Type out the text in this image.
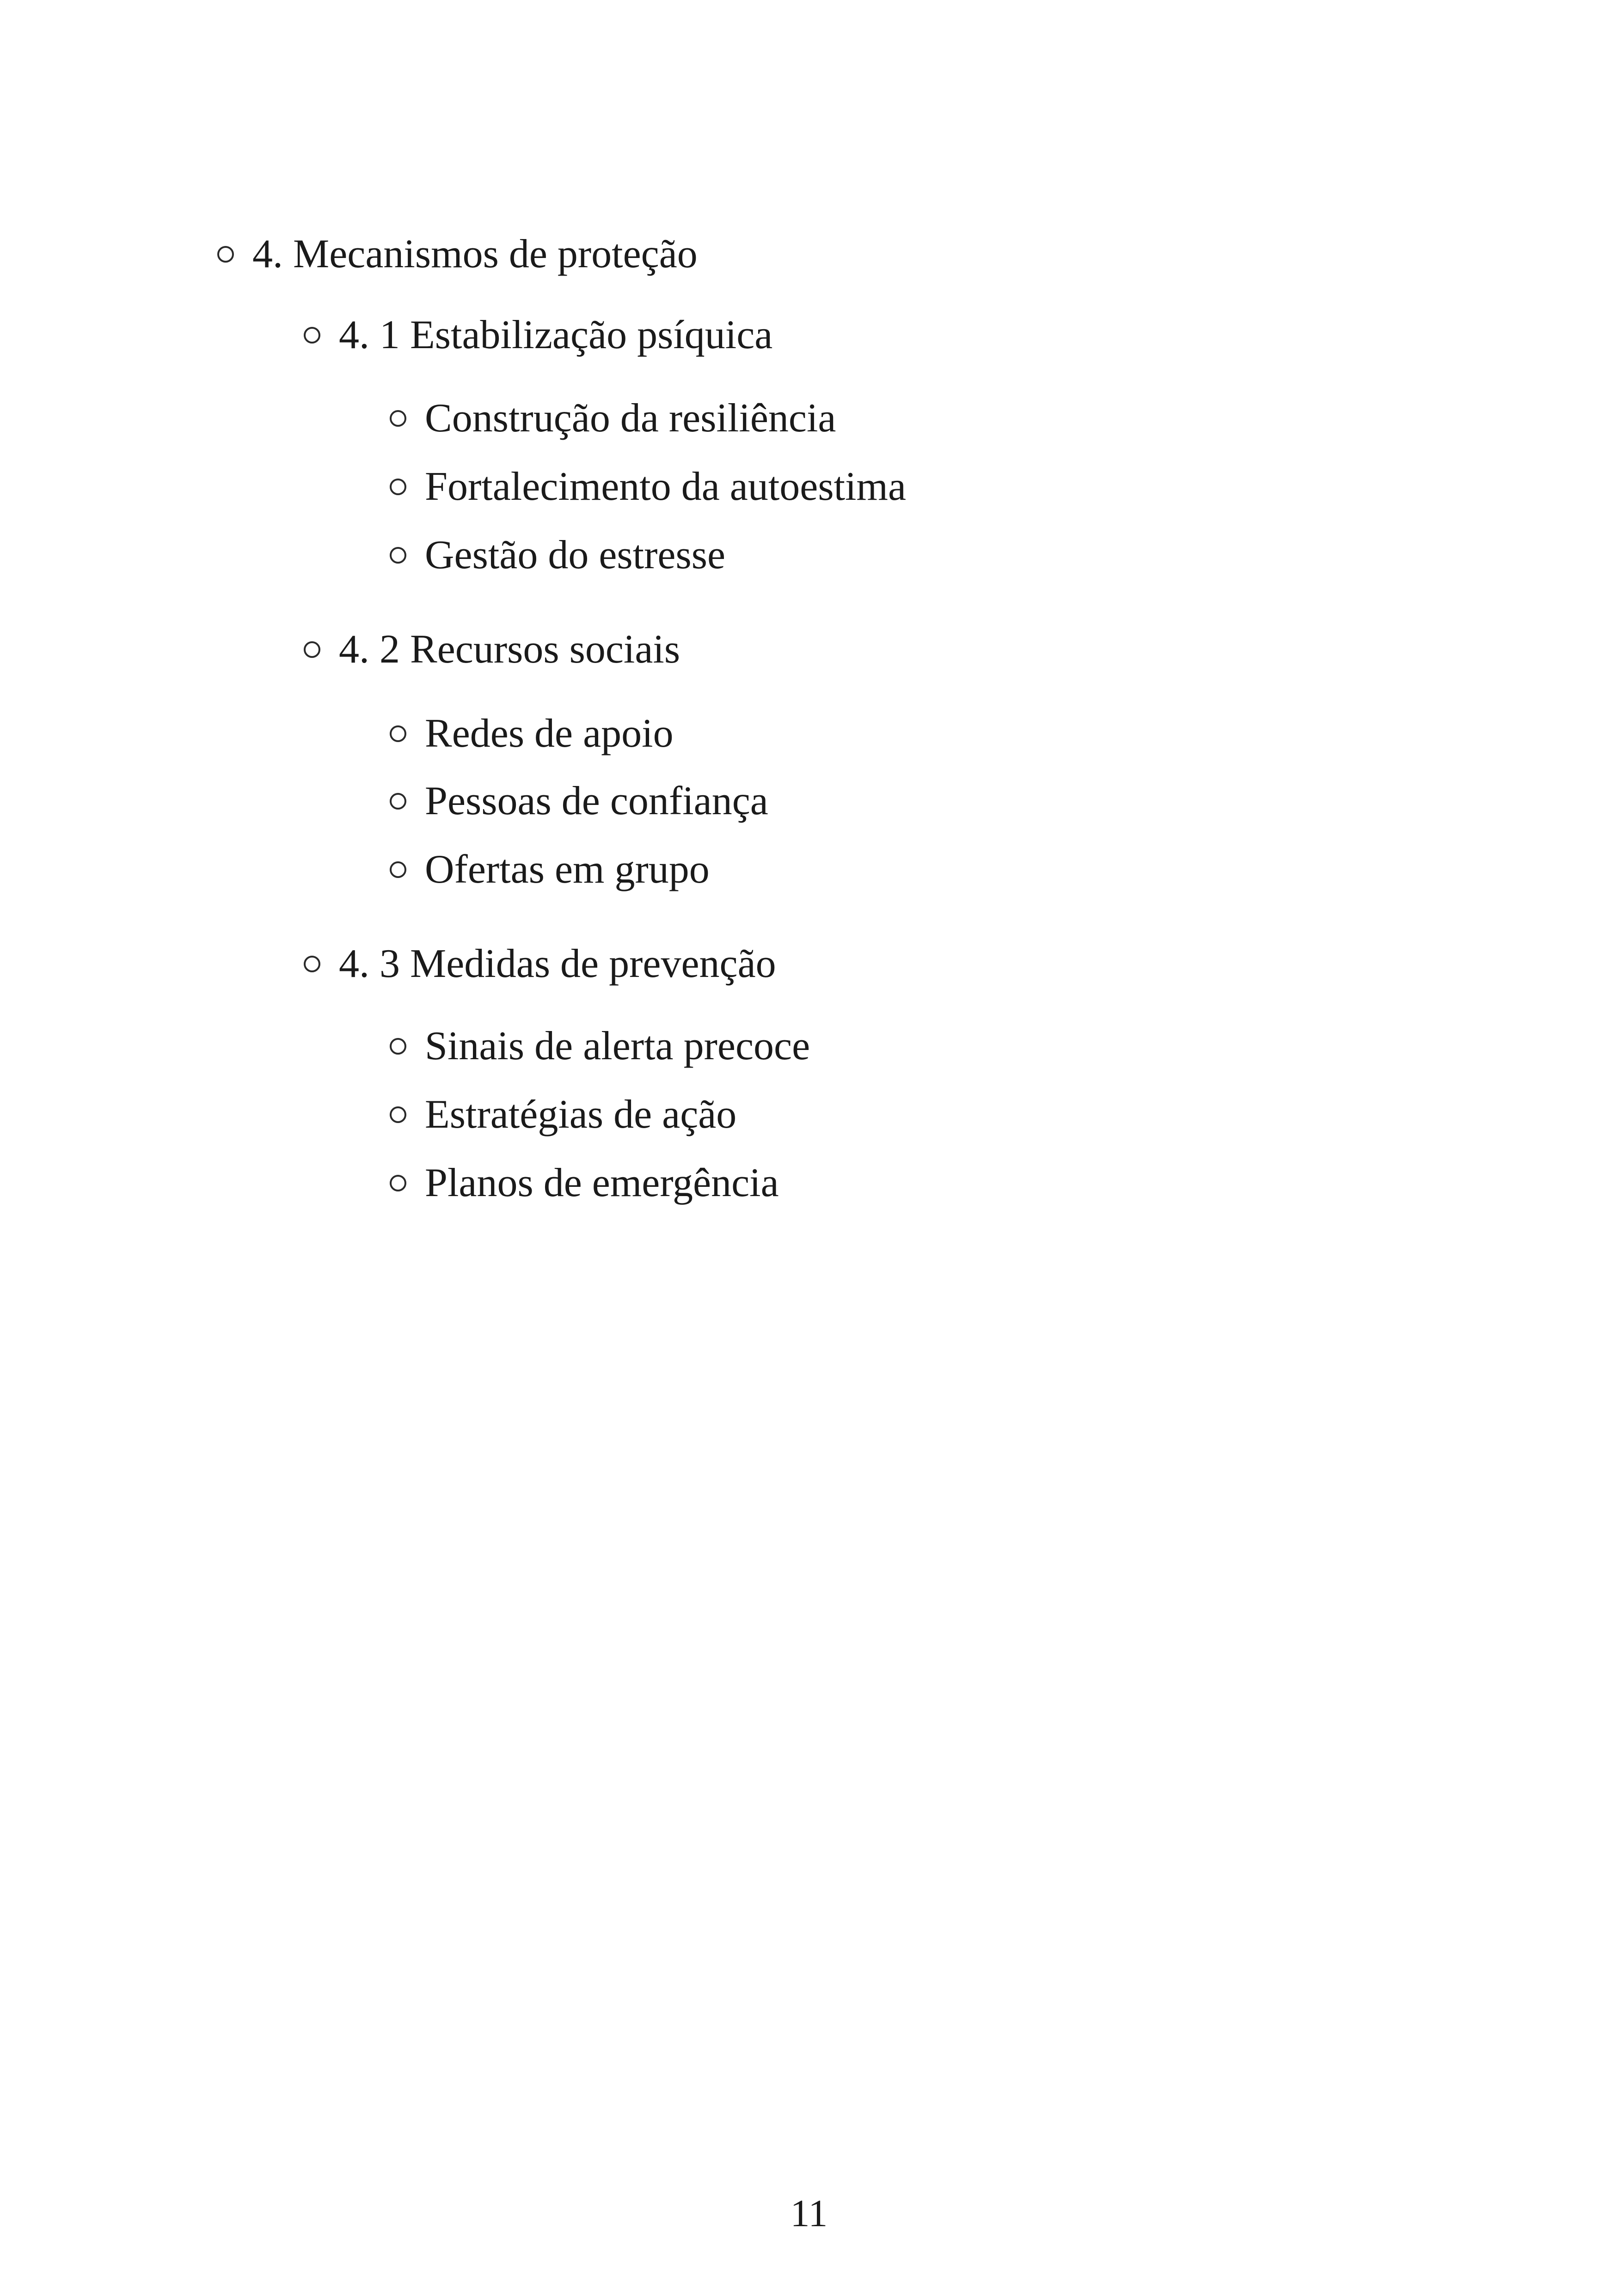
4. Mecanismos de proteção
4. 1 Estabilização psíquica
Construção da resiliência
Fortalecimento da autoestima
Gestão do estresse
4. 2 Recursos sociais
Redes de apoio
Pessoas de confiança
Ofertas em grupo
4. 3 Medidas de prevenção
Sinais de alerta precoce
Estratégias de ação
Planos de emergência
11
